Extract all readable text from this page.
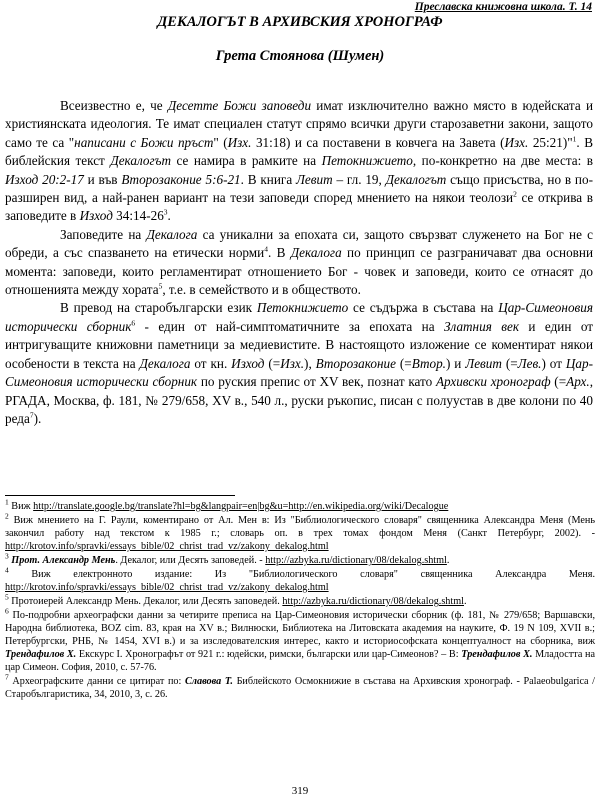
Преславска книжовна школа. Т. 14
ДЕКАЛОГЪТ В АРХИВСКИЯ ХРОНОГРАФ
Грета Стоянова (Шумен)

Всеизвестно е, че Десетте Божи заповеди имат изключително важно място в юдейската и християнската идеология. Те имат специален статут спрямо всички други старозаветни закони, защото само те са "написани с Божи пръст" (Изх. 31:18) и са поставени в ковчега на Завета (Изх. 25:21)"$^1$. В библейския текст Декалогът се намира в рамките на Петокнижието, по-конкретно на две места: в Изход 20:2-17 и във Второзаконие 5:6-21. В книга Левит – гл. 19, Декалогът също присъства, но в по-разширен вид, а най-ранен вариант на тези заповеди според мнението на някои теолози$^2$ се открива в заповедите в Изход $34:14-26^3$.

Заповедите на Декалога са уникални за епохата си, защото свързват служенето на Бог не с обреди, а със спазването на етически норми$^4$. В Декалога по принцип се разграничават два основни момента: заповеди, които регламентират отношението Бог - човек и заповеди, които се отнасят до отношенията между хората$^5$, т.е. в семейството и в обществото.

В превод на старобългарски език Петокнижието се съдържа в състава на Цар-Симеоновия исторически сборник$^6$ - един от най-симптоматичните за епохата на Златния век и един от интригуващите книжовни паметници за медиевистите. В настоящото изложение се коментират някои особености в текста на Декалога от кн. Изход (=Изх.), Второзаконие (=Втор.) и Левит (=Лев.) от Цар-Симеоновия исторически сборник по руския препис от XV век, познат като Архивски хронограф (=Арх., РГАДА, Москва, ф. 181, № 279/658, XV в., 540 л., руски ръкопис, писан с полуустав в две колони по 40 реда$^7$).

$^1$ Виж http://translate.google.bg/translate?hl=bg&langpair=en|bg&u=http://en.wikipedia.org/wiki/Decalogue

$^2$ Виж мнението на Г. Раули, коментирано от Ал. Мен в: Из "Библиологического словаря" священника Александра Меня (Мень закончил работу над текстом к 1985 г.; словарь оп. в трех томах фондом Меня (Санкт Петербург, 2002). - http://krotov.info/spravki/essays_bible/02_christ_trad_vz/zakony_dekalog.html

$^3$ Прот. Александр Мень. Декалог, или Десять заповедей. - http://azbyka.ru/dictionary/08/dekalog.shtml.

$^4$ Виж електронното издание: Из "Библиологического словаря" священника Александра Меня. http://krotov.info/spravki/essays_bible/02_christ_trad_vz/zakony_dekalog.html

$^5$ Протоиерей Александр Мень. Декалог, или Десять заповедей. http://azbyka.ru/dictionary/08/dekalog.shtml.

$^6$ По-подробни археографски данни за четирите преписа на Цар-Симеоновия исторически сборник (ф. 181, № 279/658; Варшавски, Народна библиотека, BOZ cim. 83, края на XV в.; Вилнюски, Библиотека на Литовската академия на науките, Ф. 19 N 109, XVII в.; Петербургски, РНБ, № 1454, XVI в.) и за изследователския интерес, както и историософската концептуалност на сборника, виж Трендафилов Х. Екскурс I. Хронографът от 921 г.: юдейски, римски, български или цар-Симеонов? – В: Трендафилов Х. Младостта на цар Симеон. София, 2010, с. 57-76.

$^7$ Археографските данни се цитират по: Славова Т. Библейското Осмокнижие в състава на Архивския хронограф. - Palaeobulgarica / Старобългаристика, 34, 2010, 3, с. 26.

319
